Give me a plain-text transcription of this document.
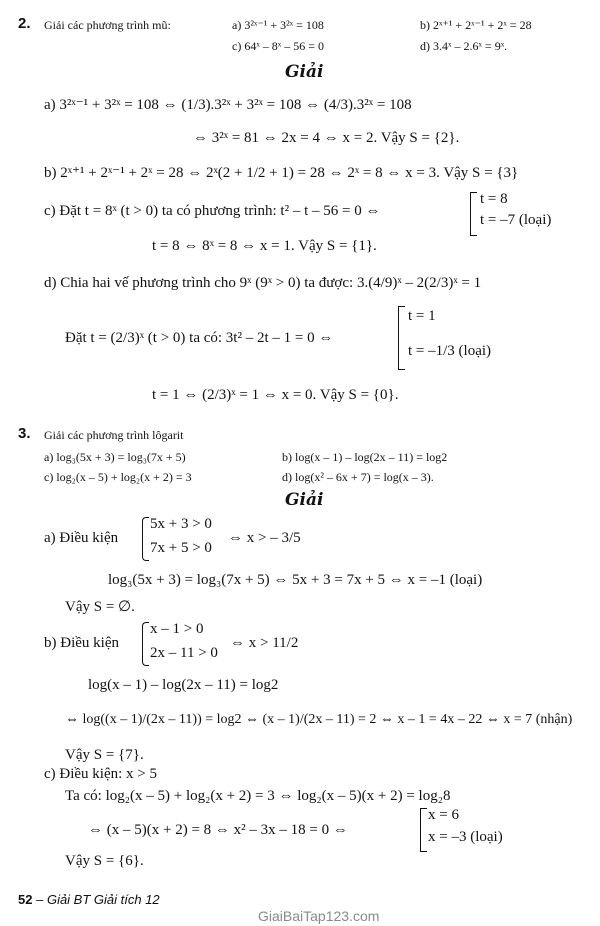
2. Giải các phương trình mũ:	a) 3²ˣ⁻¹ + 3²ˣ = 108	b) 2ˣ⁺¹ + 2ˣ⁻¹ + 2ˣ = 28
c) 64ˣ – 8ˣ – 56 = 0	d) 3.4ˣ – 2.6ˣ = 9ˣ.
Giải
a) 3²ˣ⁻¹ + 3²ˣ = 108 ⇔ (1/3).3²ˣ + 3²ˣ = 108 ⇔ (4/3).3²ˣ = 108
⇔ 3²ˣ = 81 ⇔ 2x = 4 ⇔ x = 2. Vậy S = {2}.
b) 2ˣ⁺¹ + 2ˣ⁻¹ + 2ˣ = 28 ⇔ 2ˣ(2 + 1/2 + 1) = 28 ⇔ 2ˣ = 8 ⇔ x = 3. Vậy S = {3}
c) Đặt t = 8ˣ (t > 0) ta có phương trình: t² – t – 56 = 0 ⇔
t = 8
t = –7 (loại)
t = 8 ⇔ 8ˣ = 8 ⇔ x = 1. Vậy S = {1}.
d) Chia hai vế phương trình cho 9ˣ (9ˣ > 0) ta được: 3.(4/9)ˣ – 2(2/3)ˣ = 1
Đặt t = (2/3)ˣ (t > 0) ta có: 3t² – 2t – 1 = 0 ⇔
t = 1
t = –1/3 (loại)
t = 1 ⇔ (2/3)ˣ = 1 ⇔ x = 0. Vậy S = {0}.
3. Giải các phương trình lôgarit
a) log₃(5x + 3) = log₃(7x + 5)	b) log(x – 1) – log(2x – 11) = log2
c) log₂(x – 5) + log₂(x + 2) = 3	d) log(x² – 6x + 7) = log(x – 3).
Giải
a) Điều kiện
5x + 3 > 0
7x + 5 > 0
⇔ x > – 3/5
log₃(5x + 3) = log₃(7x + 5) ⇔ 5x + 3 = 7x + 5 ⇔ x = –1 (loại)
Vậy S = ∅.
b) Điều kiện
x – 1 > 0
2x – 11 > 0
⇔ x > 11/2
log(x – 1) – log(2x – 11) = log2
⇔ log((x – 1)/(2x – 11)) = log2 ⇔ (x – 1)/(2x – 11) = 2 ⇔ x – 1 = 4x – 22 ⇔ x = 7 (nhận)
Vậy S = {7}.
c) Điều kiện: x > 5
Ta có: log₂(x – 5) + log₂(x + 2) = 3 ⇔ log₂(x – 5)(x + 2) = log₂8
⇔ (x – 5)(x + 2) = 8 ⇔ x² – 3x – 18 = 0 ⇔
x = 6
x = –3 (loại)
Vậy S = {6}.
52 – Giải BT Giải tích 12
GiaiBaiTap123.com
